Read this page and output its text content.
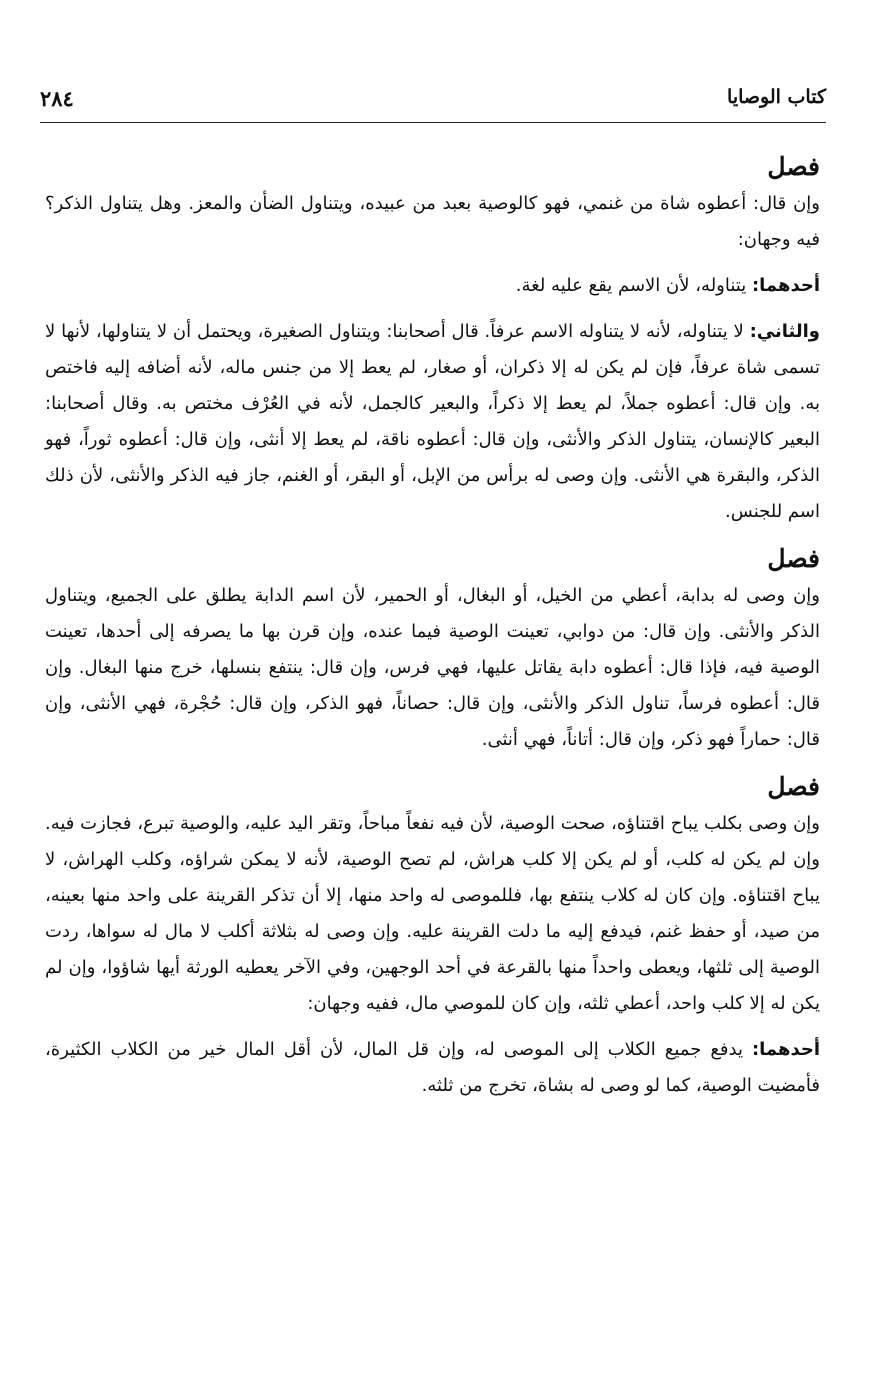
كتاب الوصايا
٢٨٤
فصل

وإن قال: أعطوه شاة من غنمي، فهو كالوصية بعبد من عبيده، ويتناول الضأن والمعز. وهل يتناول الذكر؟ فيه وجهان:

أحدهما: يتناوله، لأن الاسم يقع عليه لغة.

والثاني: لا يتناوله، لأنه لا يتناوله الاسم عرفاً. قال أصحابنا: ويتناول الصغيرة، ويحتمل أن لا يتناولها، لأنها لا تسمى شاة عرفاً، فإن لم يكن له إلا ذكران، أو صغار، لم يعط إلا من جنس ماله، لأنه أضافه إليه فاختص به. وإن قال: أعطوه جملاً، لم يعط إلا ذكراً، والبعير كالجمل، لأنه في العُرْف مختص به. وقال أصحابنا: البعير كالإنسان، يتناول الذكر والأنثى، وإن قال: أعطوه ناقة، لم يعط إلا أنثى، وإن قال: أعطوه ثوراً، فهو الذكر، والبقرة هي الأنثى. وإن وصى له برأس من الإبل، أو البقر، أو الغنم، جاز فيه الذكر والأنثى، لأن ذلك اسم للجنس.

فصل

وإن وصى له بدابة، أعطي من الخيل، أو البغال، أو الحمير، لأن اسم الدابة يطلق على الجميع، ويتناول الذكر والأنثى. وإن قال: من دوابي، تعينت الوصية فيما عنده، وإن قرن بها ما يصرفه إلى أحدها، تعينت الوصية فيه، فإذا قال: أعطوه دابة يقاتل عليها، فهي فرس، وإن قال: ينتفع بنسلها، خرج منها البغال. وإن قال: أعطوه فرساً، تناول الذكر والأنثى، وإن قال: حصاناً، فهو الذكر، وإن قال: حُجْرة، فهي الأنثى، وإن قال: حماراً فهو ذكر، وإن قال: أتاناً، فهي أنثى.

فصل

وإن وصى بكلب يباح اقتناؤه، صحت الوصية، لأن فيه نفعاً مباحاً، وتقر اليد عليه، والوصية تبرع، فجازت فيه. وإن لم يكن له كلب، أو لم يكن إلا كلب هراش، لم تصح الوصية، لأنه لا يمكن شراؤه، وكلب الهراش، لا يباح اقتناؤه. وإن كان له كلاب ينتفع بها، فللموصى له واحد منها، إلا أن تذكر القرينة على واحد منها بعينه، من صيد، أو حفظ غنم، فيدفع إليه ما دلت القرينة عليه. وإن وصى له بثلاثة أكلب لا مال له سواها، ردت الوصية إلى ثلثها، ويعطى واحداً منها بالقرعة في أحد الوجهين، وفي الآخر يعطيه الورثة أيها شاؤوا، وإن لم يكن له إلا كلب واحد، أعطي ثلثه، وإن كان للموصي مال، ففيه وجهان:

أحدهما: يدفع جميع الكلاب إلى الموصى له، وإن قل المال، لأن أقل المال خير من الكلاب الكثيرة، فأمضيت الوصية، كما لو وصى له بشاة، تخرج من ثلثه.
